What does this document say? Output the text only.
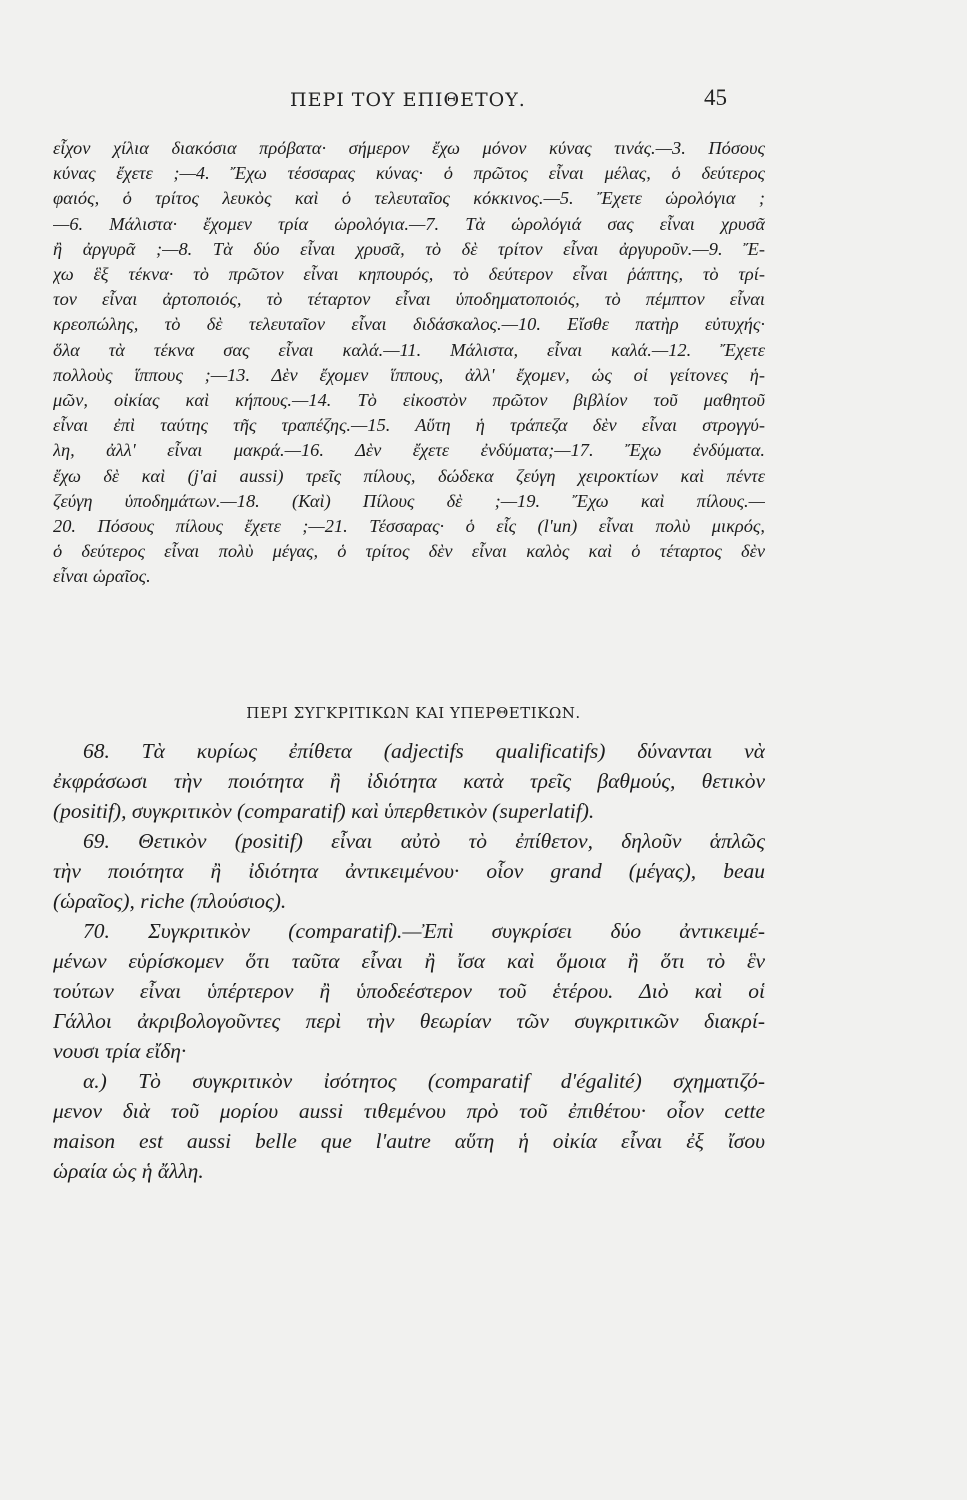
ΠΕΡΙ ΤΟΥ ΕΠΙΘΕΤΟΥ.	45
εἶχον χίλια διακόσια πρόβατα· σήμερον ἔχω μόνον κύνας τινάς.—3. Πόσους
κύνας ἔχετε ;—4. Ἔχω τέσσαρας κύνας· ὁ πρῶτος εἶναι μέλας, ὁ δεύτερος
φαιός, ὁ τρίτος λευκὸς καὶ ὁ τελευταῖος κόκκινος.—5. Ἔχετε ὡρολόγια ;
—6. Μάλιστα· ἔχομεν τρία ὡρολόγια.—7. Τὰ ὡρολόγιά σας εἶναι χρυσᾶ
ἢ ἀργυρᾶ ;—8. Τὰ δύο εἶναι χρυσᾶ, τὸ δὲ τρίτον εἶναι ἀργυροῦν.—9. Ἔ-
χω ἓξ τέκνα· τὸ πρῶτον εἶναι κηπουρός, τὸ δεύτερον εἶναι ῥάπτης, τὸ τρί-
τον εἶναι ἀρτοποιός, τὸ τέταρτον εἶναι ὑποδηματοποιός, τὸ πέμπτον εἶναι
κρεοπώλης, τὸ δὲ τελευταῖον εἶναι διδάσκαλος.—10. Εἴσθε πατὴρ εὐτυχής·
ὅλα τὰ τέκνα σας εἶναι καλά.—11. Μάλιστα, εἶναι καλά.—12. Ἔχετε
πολλοὺς ἵππους ;—13. Δὲν ἔχομεν ἵππους, ἀλλ' ἔχομεν, ὡς οἱ γείτονες ἡ-
μῶν, οἰκίας καὶ κήπους.—14. Τὸ εἰκοστὸν πρῶτον βιβλίον τοῦ μαθητοῦ
εἶναι ἐπὶ ταύτης τῆς τραπέζης.—15. Αὕτη ἡ τράπεζα δὲν εἶναι στρογγύ-
λη, ἀλλ' εἶναι μακρά.—16. Δὲν ἔχετε ἐνδύματα;—17. Ἔχω ἐνδύματα.
ἔχω δὲ καὶ (j'ai aussi) τρεῖς πίλους, δώδεκα ζεύγη χειροκτίων καὶ πέντε
ζεύγη ὑποδημάτων.—18. (Καὶ) Πίλους δὲ ;—19. Ἔχω καὶ πίλους.—
20. Πόσους πίλους ἔχετε ;—21. Τέσσαρας· ὁ εἷς (l'un) εἶναι πολὺ μικρός,
ὁ δεύτερος εἶναι πολὺ μέγας, ὁ τρίτος δὲν εἶναι καλὸς καὶ ὁ τέταρτος δὲν
εἶναι ὡραῖος.
ΠΕΡΙ ΣΥΓΚΡΙΤΙΚΩΝ ΚΑΙ ΥΠΕΡΘΕΤΙΚΩΝ.
68. Τὰ κυρίως ἐπίθετα (adjectifs qualificatifs) δύνανται νὰ
ἐκφράσωσι τὴν ποιότητα ἢ ἰδιότητα κατὰ τρεῖς βαθμούς, θετικὸν
(positif), συγκριτικὸν (comparatif) καὶ ὑπερθετικὸν (superlatif).
69. Θετικὸν (positif) εἶναι αὐτὸ τὸ ἐπίθετον, δηλοῦν ἁπλῶς
τὴν ποιότητα ἢ ἰδιότητα ἀντικειμένου· οἷον grand (μέγας), beau
(ὡραῖος), riche (πλούσιος).
70. Συγκριτικὸν (comparatif).—Ἐπὶ συγκρίσει δύο ἀντικειμέ-
μένων εὑρίσκομεν ὅτι ταῦτα εἶναι ἢ ἴσα καὶ ὅμοια ἢ ὅτι τὸ ἓν
τούτων εἶναι ὑπέρτερον ἢ ὑποδεέστερον τοῦ ἑτέρου. Διὸ καὶ οἱ
Γάλλοι ἀκριβολογοῦντες περὶ τὴν θεωρίαν τῶν συγκριτικῶν διακρί-
νουσι τρία εἴδη·
α.) Τὸ συγκριτικὸν ἰσότητος (comparatif d'égalité) σχηματιζό-
μενον διὰ τοῦ μορίου aussi τιθεμένου πρὸ τοῦ ἐπιθέτου· οἷον cette
maison est aussi belle que l'autre αὕτη ἡ οἰκία εἶναι ἐξ ἴσου
ὡραία ὡς ἡ ἄλλη.
